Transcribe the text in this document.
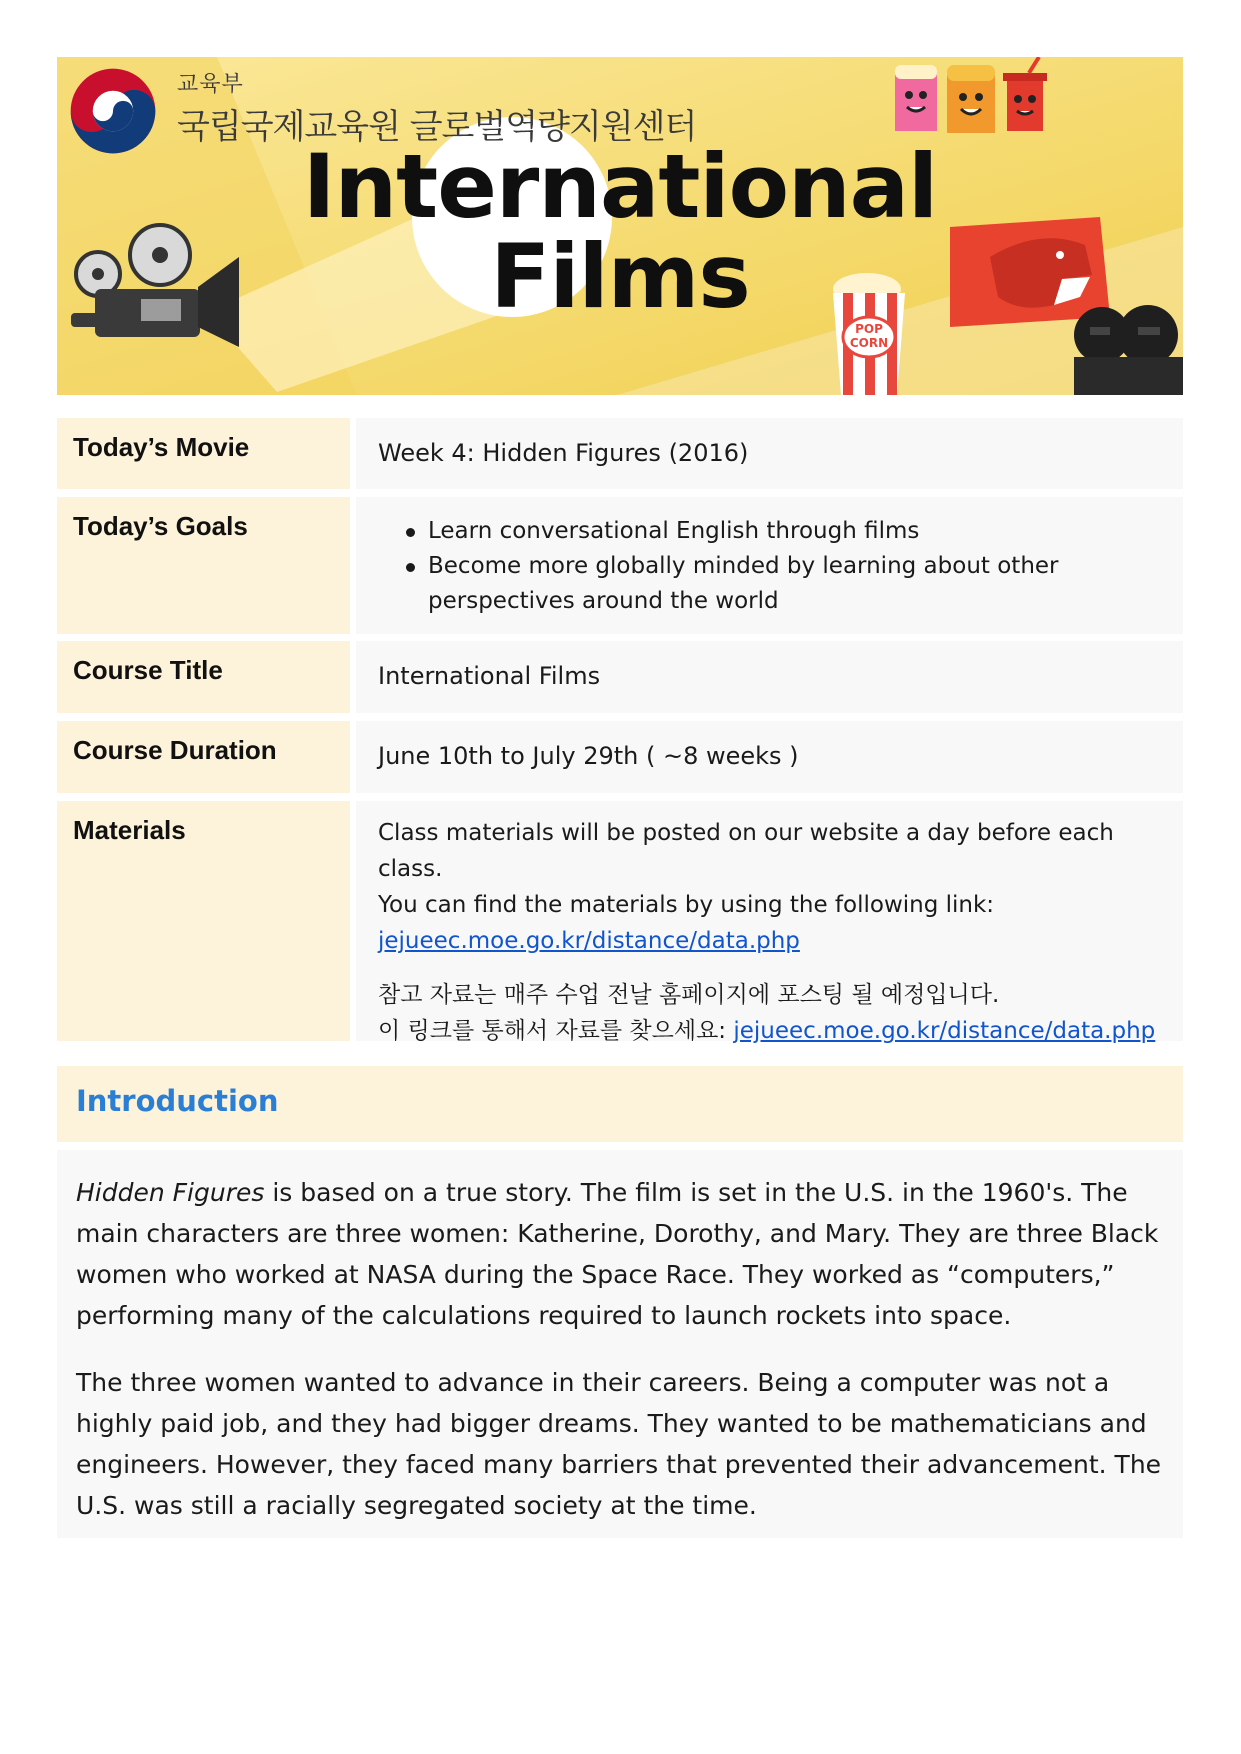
교육부
국립국제교육원 글로벌역량지원센터
International
Films
POP
CORN
Today’s Movie	Week 4: Hidden Figures (2016)
Today’s Goals	Learn conversational English through films
Become more globally minded by learning about other perspectives around the world
Course Title	International Films
Course Duration	June 10th to July 29th ( ~8 weeks )
Materials	Class materials will be posted on our website a day before each class.

You can find the materials by using the following link:

jejueec.moe.go.kr/distance/data.php

참고 자료는 매주 수업 전날 홈페이지에 포스팅 될 예정입니다.

이 링크를 통해서 자료를 찾으세요: jejueec.moe.go.kr/distance/data.php

Introduction

Hidden Figures is based on a true story. The film is set in the U.S. in the 1960's. The main characters are three women: Katherine, Dorothy, and Mary. They are three Black women who worked at NASA during the Space Race. They worked as “computers,” performing many of the calculations required to launch rockets into space.

The three women wanted to advance in their careers. Being a computer was not a highly paid job, and they had bigger dreams. They wanted to be mathematicians and engineers. However, they faced many barriers that prevented their advancement. The U.S. was still a racially segregated society at the time.
